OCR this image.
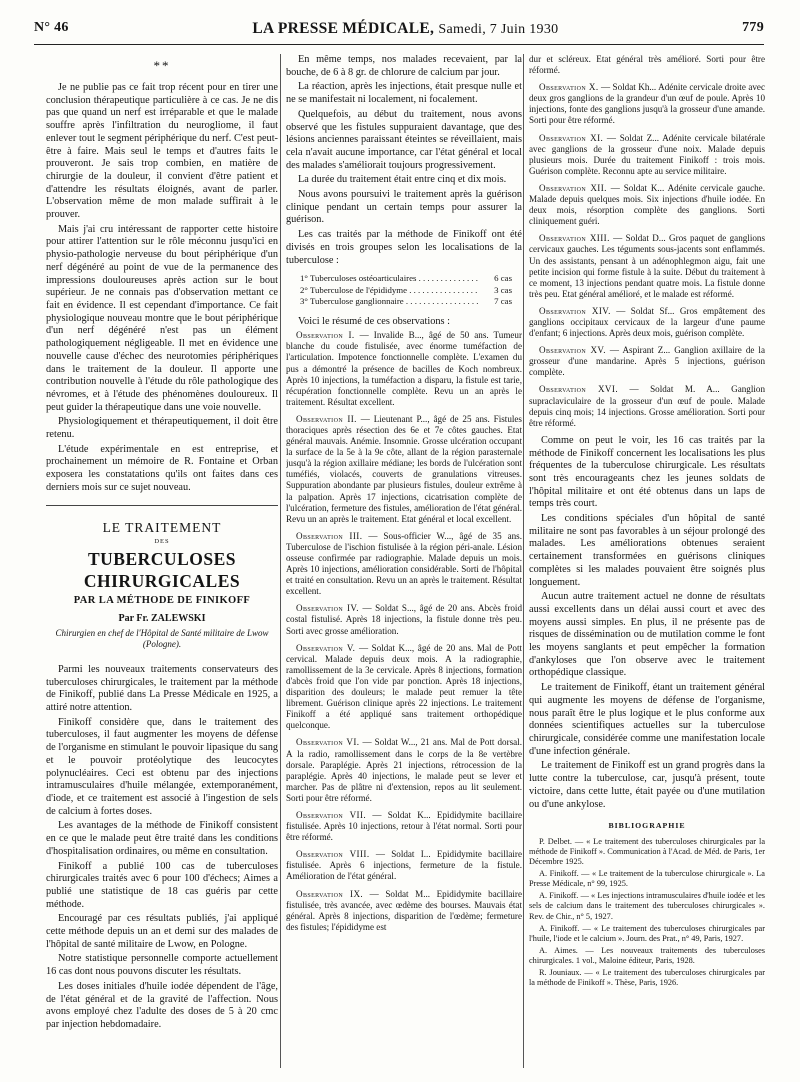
N° 46	LA PRESSE MÉDICALE, Samedi, 7 Juin 1930	779
**

Je ne publie pas ce fait trop récent pour en tirer une conclusion thérapeutique particulière à ce cas. Je ne dis pas que quand un nerf est irréparable et que le malade souffre après l'infiltration du neurogliome, il faut enlever tout le segment périphérique du nerf. C'est peut-être à faire. Mais seul le temps et d'autres faits le prouveront. Je sais trop combien, en matière de chirurgie de la douleur, il convient d'être patient et d'attendre les résultats éloignés, avant de parler. L'observation même de mon malade suffirait à le prouver.

Mais j'ai cru intéressant de rapporter cette histoire pour attirer l'attention sur le rôle méconnu jusqu'ici en physio-pathologie nerveuse du bout périphérique d'un nerf dégénéré au point de vue de la permanence des impressions douloureuses après action sur le bout supérieur. Je ne connais pas d'observation mettant ce fait en évidence. Il est cependant d'importance. Ce fait physiologique nouveau montre que le bout périphérique d'un nerf dégénéré n'est pas un élément pathologiquement négligeable. Il met en évidence une nouvelle cause d'échec des neurotomies périphériques dans le traitement de la douleur. Il apporte une contribution nouvelle à l'étude du rôle pathologique des névromes, et à l'étude des phénomènes douloureux. Il peut guider la thérapeutique dans une voie nouvelle.

Physiologiquement et thérapeutiquement, il doit être retenu.

L'étude expérimentale en est entreprise, et prochainement un mémoire de R. Fontaine et Orban exposera les constatations qu'ils ont faites dans ces derniers mois sur ce sujet nouveau.

LE TRAITEMENT
DES
TUBERCULOSES CHIRURGICALES
PAR LA MÉTHODE DE FINIKOFF
Par Fr. ZALEWSKI
Chirurgien en chef de l'Hôpital de Santé militaire de Lwow (Pologne).

Parmi les nouveaux traitements conservateurs des tuberculoses chirurgicales, le traitement par la méthode de Finikoff, publié dans La Presse Médicale en 1925, a attiré notre attention.

Finikoff considère que, dans le traitement des tuberculoses, il faut augmenter les moyens de défense de l'organisme en stimulant le pouvoir lipasique du sang et le pouvoir protéolytique des leucocytes polynucléaires. Ceci est obtenu par des injections intramusculaires d'huile mélangée, extemporanément, d'iode, et ce traitement est associé à l'ingestion de sels de calcium à fortes doses.

Les avantages de la méthode de Finikoff consistent en ce que le malade peut être traité dans les conditions d'hospitalisation ordinaires, ou même en consultation.

Finikoff a publié 100 cas de tuberculoses chirurgicales traités avec 6 pour 100 d'échecs; Aimes a publié une statistique de 18 cas guéris par cette méthode.

Encouragé par ces résultats publiés, j'ai appliqué cette méthode depuis un an et demi sur des malades de l'hôpital de santé militaire de Lwow, en Pologne.

Notre statistique personnelle comporte actuellement 16 cas dont nous pouvons discuter les résultats.

Les doses initiales d'huile iodée dépendent de l'âge, de l'état général et de la gravité de l'affection. Nous avons employé chez l'adulte des doses de 5 à 20 cmc par injection hebdomadaire.

En même temps, nos malades recevaient, par la bouche, de 6 à 8 gr. de chlorure de calcium par jour.

La réaction, après les injections, était presque nulle et ne se manifestait ni localement, ni focalement.

Quelquefois, au début du traitement, nous avons observé que les fistules suppuraient davantage, que des lésions anciennes paraissant éteintes se réveillaient, mais cela n'avait aucune importance, car l'état général et local des malades s'améliorait toujours progressivement.

La durée du traitement était entre cinq et dix mois.

Nous avons poursuivi le traitement après la guérison clinique pendant un certain temps pour assurer la guérison.

Les cas traités par la méthode de Finikoff ont été divisés en trois groupes selon les localisations de la tuberculose :

1° Tuberculoses ostéoarticulaires . . .	6 cas
2° Tuberculose de l'épididyme . . .	3 cas
3° Tuberculose ganglionnaire . . .	7 cas

Voici le résumé de ces observations :

Observation I. — Invalide B..., âgé de 50 ans. Tumeur blanche du coude fistulisée, avec énorme tuméfaction de l'articulation. Impotence fonctionnelle complète. L'examen du pus a démontré la présence de bacilles de Koch nombreux. Après 10 injections, la tuméfaction a disparu, la fistule est tarie, récupération fonctionnelle complète. Revu un an après le traitement. Résultat excellent.

Observation II. — Lieutenant P..., âgé de 25 ans. Fistules thoraciques après résection des 6e et 7e côtes gauches. Etat général mauvais. Anémie. Insomnie. Grosse ulcération occupant la surface de la 5e à la 9e côte, allant de la région parasternale jusqu'à la région axillaire médiane; les bords de l'ulcération sont tuméfiés, violacés, couverts de granulations vitreuses. Suppuration abondante par plusieurs fistules, douleur extrême à la palpation. Après 17 injections, cicatrisation complète de l'ulcération, fermeture des fistules, amélioration de l'état général. Revu un an après le traitement. Etat général et local excellent.

Observation III. — Sous-officier W..., âgé de 35 ans. Tuberculose de l'ischion fistulisée à la région péri-anale. Lésion osseuse confirmée par radiographie. Malade depuis un mois. Après 10 injections, amélioration considérable. Sorti de l'hôpital et traité en consultation. Revu un an après le traitement. Résultat excellent.

Observation IV. — Soldat S..., âgé de 20 ans. Abcès froid costal fistulisé. Après 18 injections, la fistule donne très peu. Sorti avec grosse amélioration.

Observation V. — Soldat K..., âgé de 20 ans. Mal de Pott cervical. Malade depuis deux mois. A la radiographie, ramollissement de la 3e cervicale. Après 8 injections, formation d'abcès froid que l'on vide par ponction. Après 18 injections, disparition des douleurs; le malade peut remuer la tête librement. Guérison clinique après 22 injections. Le traitement Finikoff a été appliqué sans traitement orthopédique quelconque.

Observation VI. — Soldat W..., 21 ans. Mal de Pott dorsal. A la radio, ramollissement dans le corps de la 8e vertèbre dorsale. Paraplégie. Après 21 injections, rétrocession de la paraplégie. Après 40 injections, le malade peut se lever et marcher. Pas de plâtre ni d'extension, repos au lit seulement. Sorti pour être réformé.

Observation VII. — Soldat K... Epididymite bacillaire fistulisée. Après 10 injections, retour à l'état normal. Sorti pour être réformé.

Observation VIII. — Soldat I... Epididymite bacillaire fistulisée. Après 6 injections, fermeture de la fistule. Amélioration de l'état général.

Observation IX. — Soldat M... Epididymite bacillaire fistulisée, très avancée, avec œdème des bourses. Mauvais état général. Après 8 injections, disparition de l'œdème; fermeture des fistules; l'épididyme est

dur et scléreux. Etat général très amélioré. Sorti pour être réformé.

Observation X. — Soldat Kh... Adénite cervicale droite avec deux gros ganglions de la grandeur d'un œuf de poule. Après 10 injections, fonte des ganglions jusqu'à la grosseur d'une amande. Sorti pour être réformé.

Observation XI. — Soldat Z... Adénite cervicale bilatérale avec ganglions de la grosseur d'une noix. Malade depuis plusieurs mois. Durée du traitement Finikoff : trois mois. Guérison complète. Reconnu apte au service militaire.

Observation XII. — Soldat K... Adénite cervicale gauche. Malade depuis quelques mois. Six injections d'huile iodée. En deux mois, résorption complète des ganglions. Sorti cliniquement guéri.

Observation XIII. — Soldat D... Gros paquet de ganglions cervicaux gauches. Les téguments sous-jacents sont enflammés. Un des assistants, pensant à un adénophlegmon aigu, fait une petite incision qui forme fistule à la suite. Début du traitement à ce moment, 13 injections pendant quatre mois. La fistule donne très peu. Etat général amélioré, et le malade est réformé.

Observation XIV. — Soldat Sf... Gros empâtement des ganglions occipitaux cervicaux de la largeur d'une paume d'enfant; 6 injections. Après deux mois, guérison complète.

Observation XV. — Aspirant Z... Ganglion axillaire de la grosseur d'une mandarine. Après 5 injections, guérison complète.

Observation XVI. — Soldat M. A... Ganglion supraclaviculaire de la grosseur d'un œuf de poule. Malade depuis cinq mois; 14 injections. Grosse amélioration. Sorti pour être réformé.

Comme on peut le voir, les 16 cas traités par la méthode de Finikoff concernent les localisations les plus fréquentes de la tuberculose chirurgicale. Les résultats sont très encourageants chez les jeunes soldats de l'hôpital militaire et ont été obtenus dans un laps de temps très court.

Les conditions spéciales d'un hôpital de santé militaire ne sont pas favorables à un séjour prolongé des malades. Les améliorations obtenues seraient certainement transformées en guérisons cliniques complètes si les malades pouvaient être soignés plus longuement.

Aucun autre traitement actuel ne donne de résultats aussi excellents dans un délai aussi court et avec des moyens aussi simples. En plus, il ne présente pas de risques de dissémination ou de mutilation comme le font les moyens sanglants et peut empêcher la formation d'ankyloses que l'on observe avec le traitement orthopédique classique.

Le traitement de Finikoff, étant un traitement général qui augmente les moyens de défense de l'organisme, nous paraît être le plus logique et le plus conforme aux données scientifiques actuelles sur la tuberculose chirurgicale, considérée comme une manifestation locale d'une infection générale.

Le traitement de Finikoff est un grand progrès dans la lutte contre la tuberculose, car, jusqu'à présent, toute victoire, dans cette lutte, était payée ou d'une mutilation ou d'une ankylose.

BIBLIOGRAPHIE

P. Delbet. — « Le traitement des tuberculoses chirurgicales par la méthode de Finikoff ». Communication à l'Acad. de Méd. de Paris, 1er Décembre 1925.

A. Finikoff. — « Le traitement de la tuberculose chirurgicale ». La Presse Médicale, n° 99, 1925.

A. Finikoff. — « Les injections intramusculaires d'huile iodée et les sels de calcium dans le traitement des tuberculoses chirurgicales ». Rev. de Chir., n° 5, 1927.

A. Finikoff. — « Le traitement des tuberculoses chirurgicales par l'huile, l'iode et le calcium ». Journ. des Prat., n° 49, Paris, 1927.

A. Aimes. — Les nouveaux traitements des tuberculoses chirurgicales. 1 vol., Maloine éditeur, Paris, 1928.

R. Jouniaux. — « Le traitement des tuberculoses chirurgicales par la méthode de Finikoff ». Thèse, Paris, 1926.
